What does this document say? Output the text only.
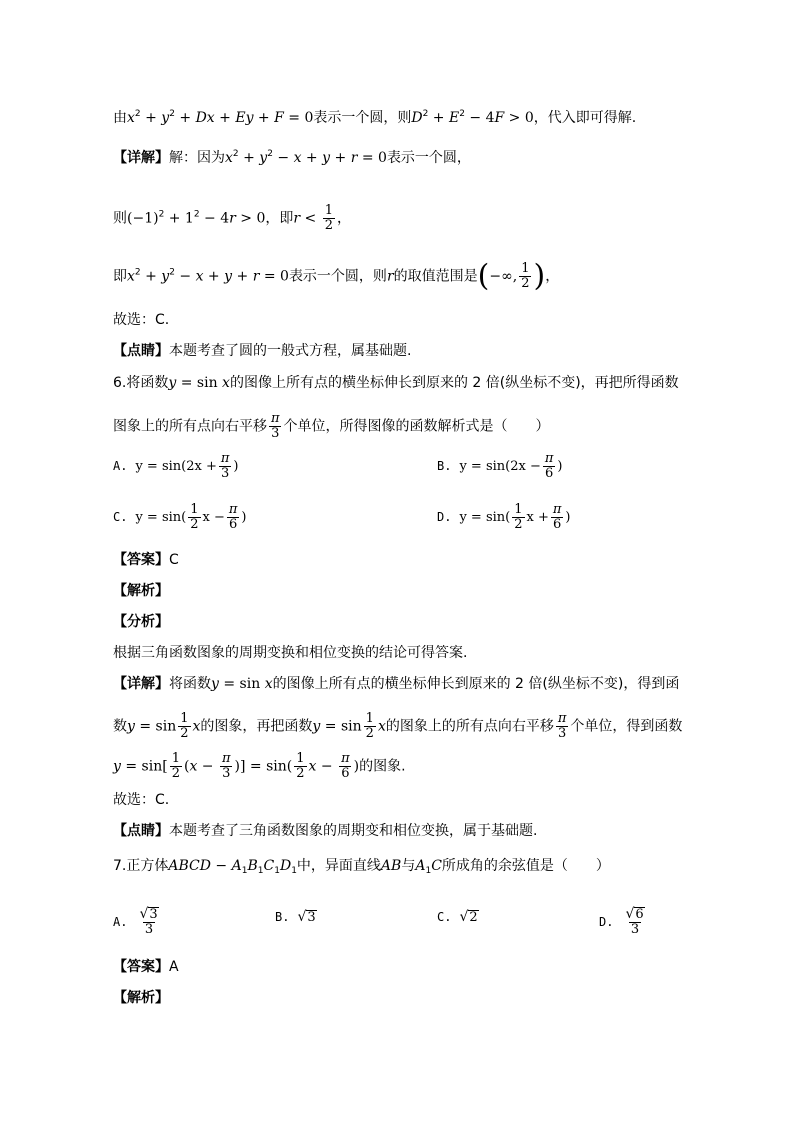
由$x^2 + y^2 + Dx + Ey + F = 0$表示一个圆，则$D^2 + E^2 - 4F > 0$，代入即可得解.
【详解】解：因为$x^2 + y^2 - x + y + r = 0$表示一个圆，
则$(-1)^2 + 1^2 - 4r > 0$，即$r < \frac{1}{2}$ ，
即$x^2 + y^2 - x + y + r = 0$表示一个圆，则r的取值范围是(−∞, $\frac{1}{2}$ )，
故选：C.
【点睛】本题考查了圆的一般式方程，属基础题.
6.将函数y = sin x的图像上所有点的横坐标伸长到原来的 2 倍(纵坐标不变)，再把所得函数
图象上的所有点向右平移 $\frac{\pi}{3}$ 个单位，所得图像的函数解析式是（　　）
A. $y = \sin(2x + \frac{\pi}{3}$ )	B. $y = \sin(2x - \frac{\pi}{6}$ )
C. $y = \sin( \frac{1}{2}$ $x - \frac{\pi}{6}$ )	D. $y = \sin( \frac{1}{2}$ $x + \frac{\pi}{6}$ )
【答案】C
【解析】
【分析】
根据三角函数图象的周期变换和相位变换的结论可得答案.
【详解】将函数y = sin x的图像上所有点的横坐标伸长到原来的 2 倍(纵坐标不变)，得到函
数$y = \sin \frac{1}{2}$ x的图象，再把函数$y = \sin \frac{1}{2}$ x的图象上的所有点向右平移 $\frac{\pi}{3}$ 个单位，得到函数
$y = \sin[ \frac{1}{2} (x - \frac{\pi}{3}$ )] = $\sin( \frac{1}{2}$ $x - \frac{\pi}{6}$ )的图象.
故选：C.
【点睛】本题考查了三角函数图象的周期变和相位变换，属于基础题.
7.正方体ABCD − $A_1B_1C_1D_1$中，异面直线AB与$A_1C$所成角的余弦值是（　　）
A. $\frac{√3}{3}$	B. √3	C. √2	D. $\frac{√6}{3}$
【答案】A
【解析】
